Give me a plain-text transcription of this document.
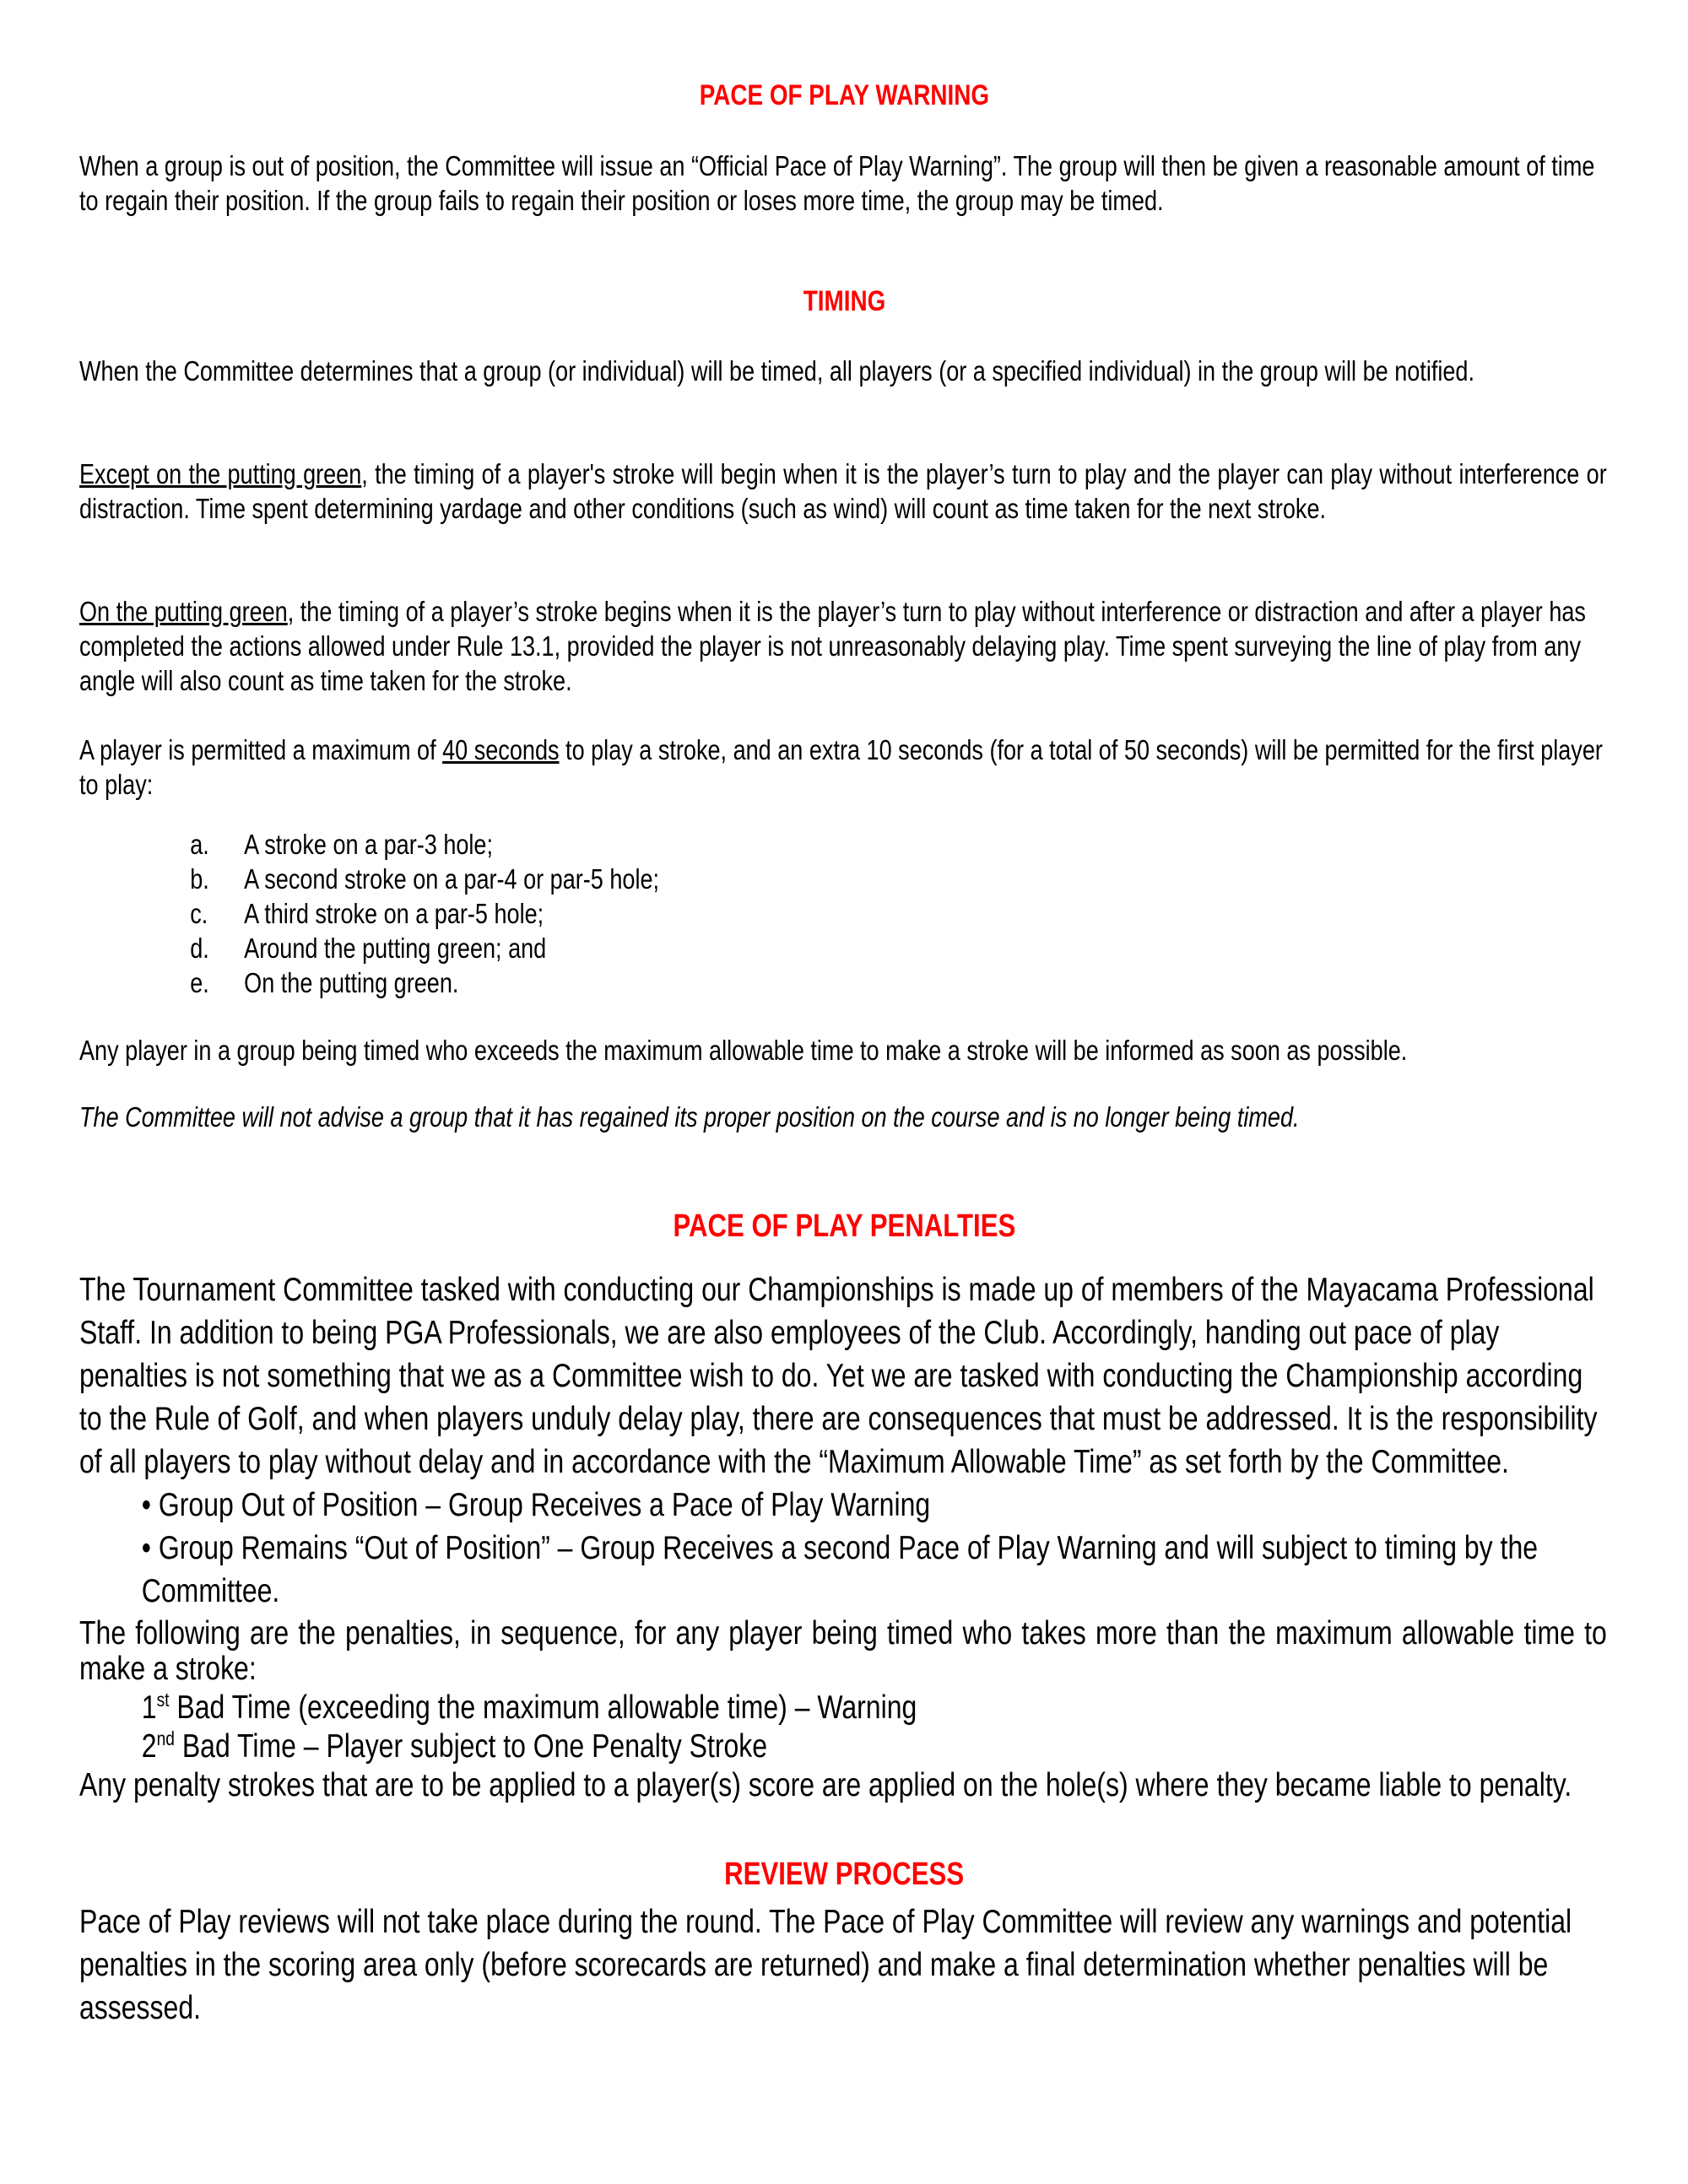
PACE OF PLAY WARNING
When a group is out of position, the Committee will issue an “Official Pace of Play Warning”. The group will then be given a reasonable amount of time to regain their position. If the group fails to regain their position or loses more time, the group may be timed.
TIMING
When the Committee determines that a group (or individual) will be timed, all players (or a specified individual) in the group will be notified.
Except on the putting green, the timing of a player's stroke will begin when it is the player’s turn to play and the player can play without interference or distraction. Time spent determining yardage and other conditions (such as wind) will count as time taken for the next stroke.
On the putting green, the timing of a player’s stroke begins when it is the player’s turn to play without interference or distraction and after a player has completed the actions allowed under Rule 13.1, provided the player is not unreasonably delaying play. Time spent surveying the line of play from any angle will also count as time taken for the stroke.
A player is permitted a maximum of 40 seconds to play a stroke, and an extra 10 seconds (for a total of 50 seconds) will be permitted for the first player to play:
a.	A stroke on a par-3 hole;
b.	A second stroke on a par-4 or par-5 hole;
c.	A third stroke on a par-5 hole;
d.	Around the putting green; and
e.	On the putting green.
Any player in a group being timed who exceeds the maximum allowable time to make a stroke will be informed as soon as possible.
The Committee will not advise a group that it has regained its proper position on the course and is no longer being timed.
PACE OF PLAY PENALTIES
The Tournament Committee tasked with conducting our Championships is made up of members of the Mayacama Professional Staff. In addition to being PGA Professionals, we are also employees of the Club. Accordingly, handing out pace of play penalties is not something that we as a Committee wish to do. Yet we are tasked with conducting the Championship according to the Rule of Golf, and when players unduly delay play, there are consequences that must be addressed. It is the responsibility of all players to play without delay and in accordance with the “Maximum Allowable Time” as set forth by the Committee.
• Group Out of Position – Group Receives a Pace of Play Warning
• Group Remains “Out of Position” – Group Receives a second Pace of Play Warning and will subject to timing by the Committee.
The following are the penalties, in sequence, for any player being timed who takes more than the maximum allowable time to make a stroke:
1st Bad Time (exceeding the maximum allowable time) – Warning
2nd Bad Time – Player subject to One Penalty Stroke
Any penalty strokes that are to be applied to a player(s) score are applied on the hole(s) where they became liable to penalty.
REVIEW PROCESS
Pace of Play reviews will not take place during the round. The Pace of Play Committee will review any warnings and potential penalties in the scoring area only (before scorecards are returned) and make a final determination whether penalties will be assessed.
